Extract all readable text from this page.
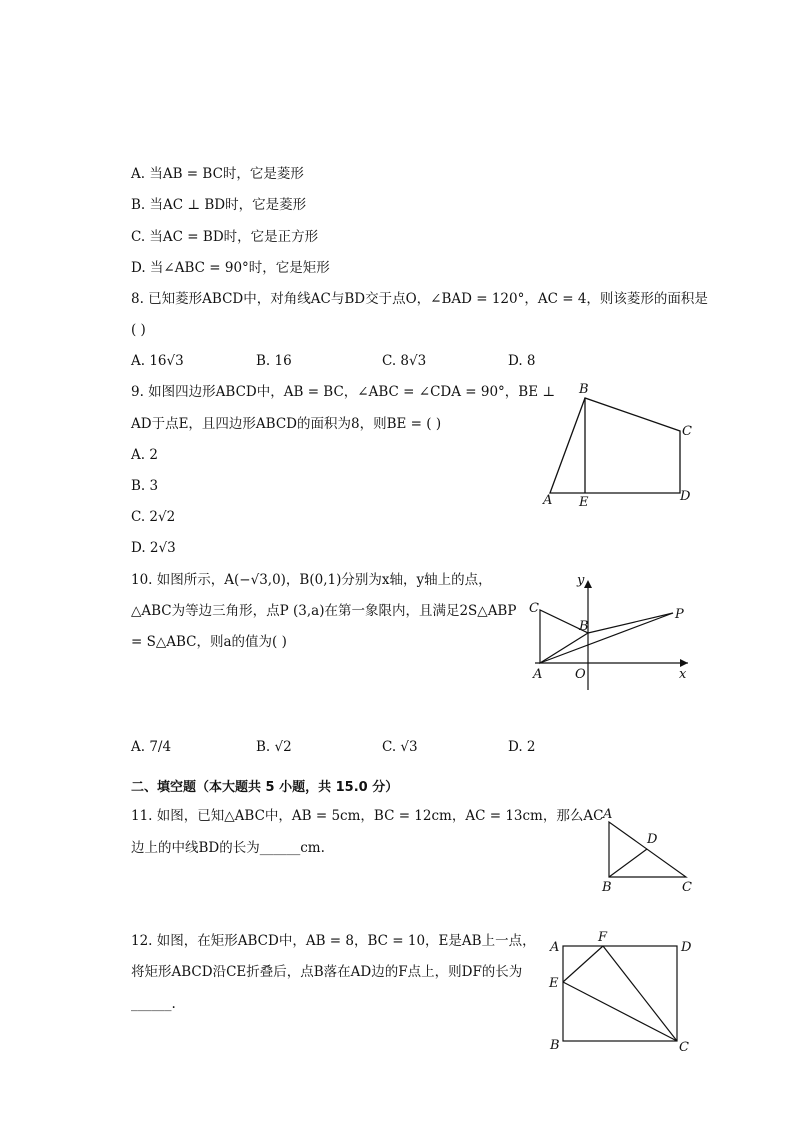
A. 当AB = BC时，它是菱形
B. 当AC ⊥ BD时，它是菱形
C. 当AC = BD时，它是正方形
D. 当∠ABC = 90°时，它是矩形
8. 已知菱形ABCD中，对角线AC与BD交于点O，∠BAD = 120°，AC = 4，则该菱形的面积是
( )
A. 16√3	B. 16	C. 8√3	D. 8
9. 如图四边形ABCD中，AB = BC，∠ABC = ∠CDA = 90°，BE ⊥
AD于点E，且四边形ABCD的面积为8，则BE = ( )
A. 2
B. 3
C. 2√2
D. 2√3
B
C
D
E
A
10. 如图所示，A(−√3,0)，B(0,1)分别为x轴，y轴上的点，
△ABC为等边三角形，点P (3,a)在第一象限内，且满足2S△ABP
= S△ABC，则a的值为( )
C
B
P
A	O	x
y
A. 7/4	B. √2	C. √3	D. 2
二、填空题（本大题共 5 小题，共 15.0 分）
11. 如图，已知△ABC中，AB = 5cm，BC = 12cm，AC = 13cm，那么AC
边上的中线BD的长为______cm.
A
D
B	C
12. 如图，在矩形ABCD中，AB = 8，BC = 10，E是AB上一点，
将矩形ABCD沿CE折叠后，点B落在AD边的F点上，则DF的长为
______.
A
F
D
E
B	C
